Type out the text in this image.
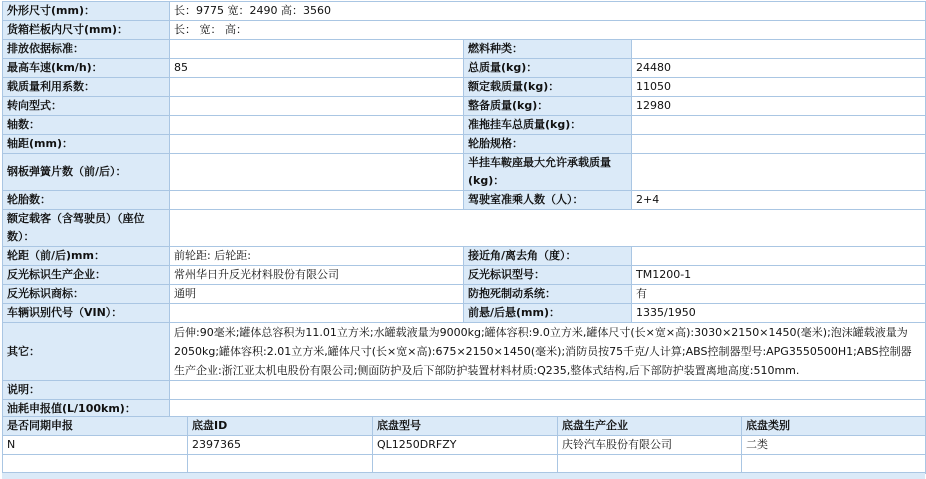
外形尺寸(mm)：	长：9775 宽：2490 高：3560		
货箱栏板内尺寸(mm)：	长： 宽： 高：		
排放依据标准：		燃料种类：	
最高车速(km/h)：	85	总质量(kg)：	24480
载质量利用系数：		额定载质量(kg)：	11050
转向型式：		整备质量(kg)：	12980
轴数：		准拖挂车总质量(kg)：	
轴距(mm)：		轮胎规格：	
钢板弹簧片数（前/后）：		半挂车鞍座最大允许承载质量(kg)：	
轮胎数：		驾驶室准乘人数（人）：	2+4
额定载客（含驾驶员）（座位数）：			
轮距（前/后)mm：	前轮距: 后轮距:	接近角/离去角（度）：	
反光标识生产企业：	常州华日升反光材料股份有限公司	反光标识型号：	TM1200-1
反光标识商标：	通明	防抱死制动系统：	有
车辆识别代号（VIN）：		前悬/后悬(mm)：	1335/1950
其它：	后伸:90毫米;罐体总容积为11.01立方米;水罐载液量为9000kg;罐体容积:9.0立方米,罐体尺寸(长×宽×高):3030×2150×1450(毫米);泡沫罐载液量为2050kg;罐体容积:2.01立方米,罐体尺寸(长×宽×高):675×2150×1450(毫米);消防员按75千克/人计算;ABS控制器型号:APG3550500H1;ABS控制器生产企业:浙江亚太机电股份有限公司;侧面防护及后下部防护装置材料材质:Q235,整体式结构,后下部防护装置离地高度:510mm.		
说明：			
油耗申报值(L/100km)：			
是否同期申报	底盘ID	底盘型号	底盘生产企业	底盘类别
N	2397365	QL1250DRFZY	庆铃汽车股份有限公司	二类
